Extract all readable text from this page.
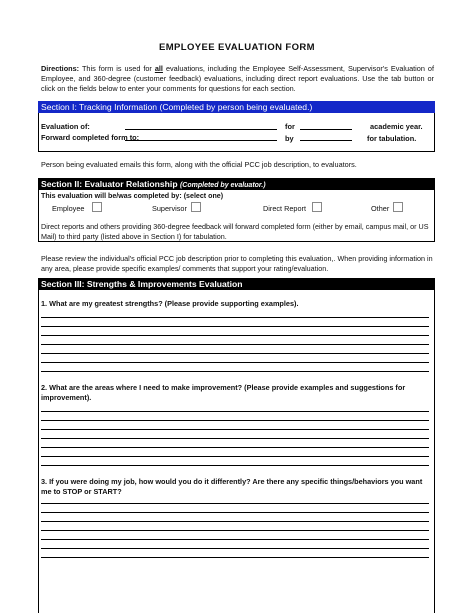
EMPLOYEE EVALUATION FORM
Directions: This form is used for all evaluations, including the Employee Self-Assessment, Supervisor's Evaluation of Employee, and 360-degree (customer feedback) evaluations, including direct report evaluations. Use the tab button or click on the fields below to enter your comments for questions for each section.
Section I: Tracking Information (Completed by person being evaluated.)
Evaluation of:	for	academic year.
Forward completed form to:	by	for tabulation.
Person being evaluated emails this form, along with the official PCC job description, to evaluators.
Section II: Evaluator Relationship (Completed by evaluator.)
This evaluation will be/was completed by: (select one)
Employee	Supervisor	Direct Report	Other
Direct reports and others providing 360-degree feedback will forward completed form (either by email, campus mail, or US Mail) to third party (listed above in Section I) for tabulation.
Please review the individual's official PCC job description prior to completing this evaluation,. When providing information in any area, please provide specific examples/ comments that support your rating/evaluation.
Section III: Strengths & Improvements Evaluation
1. What are my greatest strengths? (Please provide supporting examples).
2. What are the areas where I need to make improvement? (Please provide examples and suggestions for improvement).
3. If you were doing my job, how would you do it differently? Are there any specific things/behaviors you want me to STOP or START?
